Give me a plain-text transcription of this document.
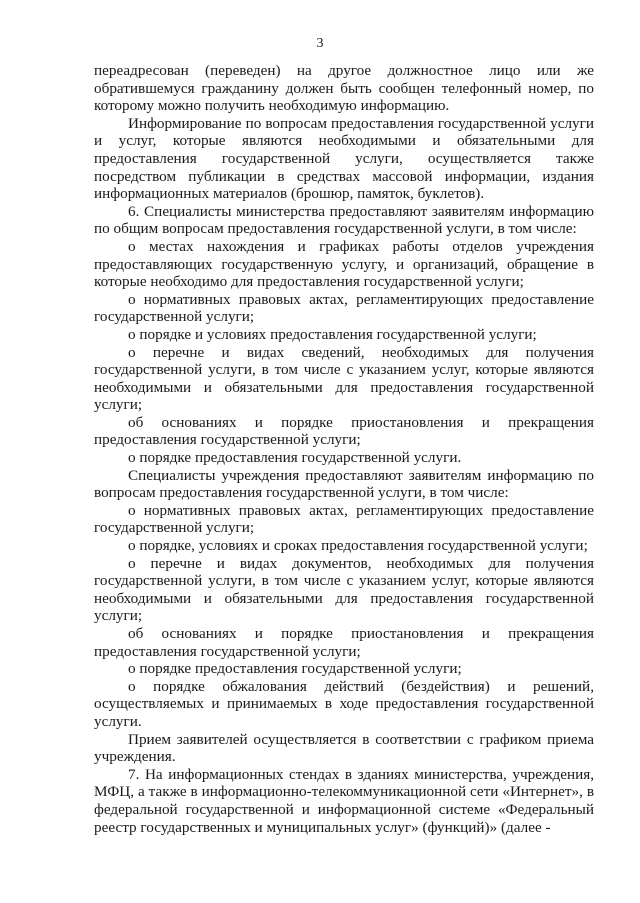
3

переадресован (переведен) на другое должностное лицо или же обратившемуся гражданину должен быть сообщен телефонный номер, по которому можно получить необходимую информацию.

Информирование по вопросам предоставления государственной услуги и услуг, которые являются необходимыми и обязательными для предоставления государственной услуги, осуществляется также посредством публикации в средствах массовой информации, издания информационных материалов (брошюр, памяток, буклетов).

6. Специалисты министерства предоставляют заявителям информацию по общим вопросам предоставления государственной услуги, в том числе:

о местах нахождения и графиках работы отделов учреждения предоставляющих государственную услугу, и организаций, обращение в которые необходимо для предоставления государственной услуги;

о нормативных правовых актах, регламентирующих предоставление государственной услуги;

о порядке и условиях предоставления государственной услуги;

о перечне и видах сведений, необходимых для получения государственной услуги, в том числе с указанием услуг, которые являются необходимыми и обязательными для предоставления государственной услуги;

об основаниях и порядке приостановления и прекращения предоставления государственной услуги;

о порядке предоставления государственной услуги.

Специалисты учреждения предоставляют заявителям информацию по вопросам предоставления государственной услуги, в том числе:

о нормативных правовых актах, регламентирующих предоставление государственной услуги;

о порядке, условиях и сроках предоставления государственной услуги;

о перечне и видах документов, необходимых для получения государственной услуги, в том числе с указанием услуг, которые являются необходимыми и обязательными для предоставления государственной услуги;

об основаниях и порядке приостановления и прекращения предоставления государственной услуги;

о порядке предоставления государственной услуги;

о порядке обжалования действий (бездействия) и решений, осуществляемых и принимаемых в ходе предоставления государственной услуги.

Прием заявителей осуществляется в соответствии с графиком приема учреждения.

7. На информационных стендах в зданиях министерства, учреждения, МФЦ, а также в информационно-телекоммуникационной сети «Интернет», в федеральной государственной и информационной системе «Федеральный реестр государственных и муниципальных услуг» (функций)» (далее -
